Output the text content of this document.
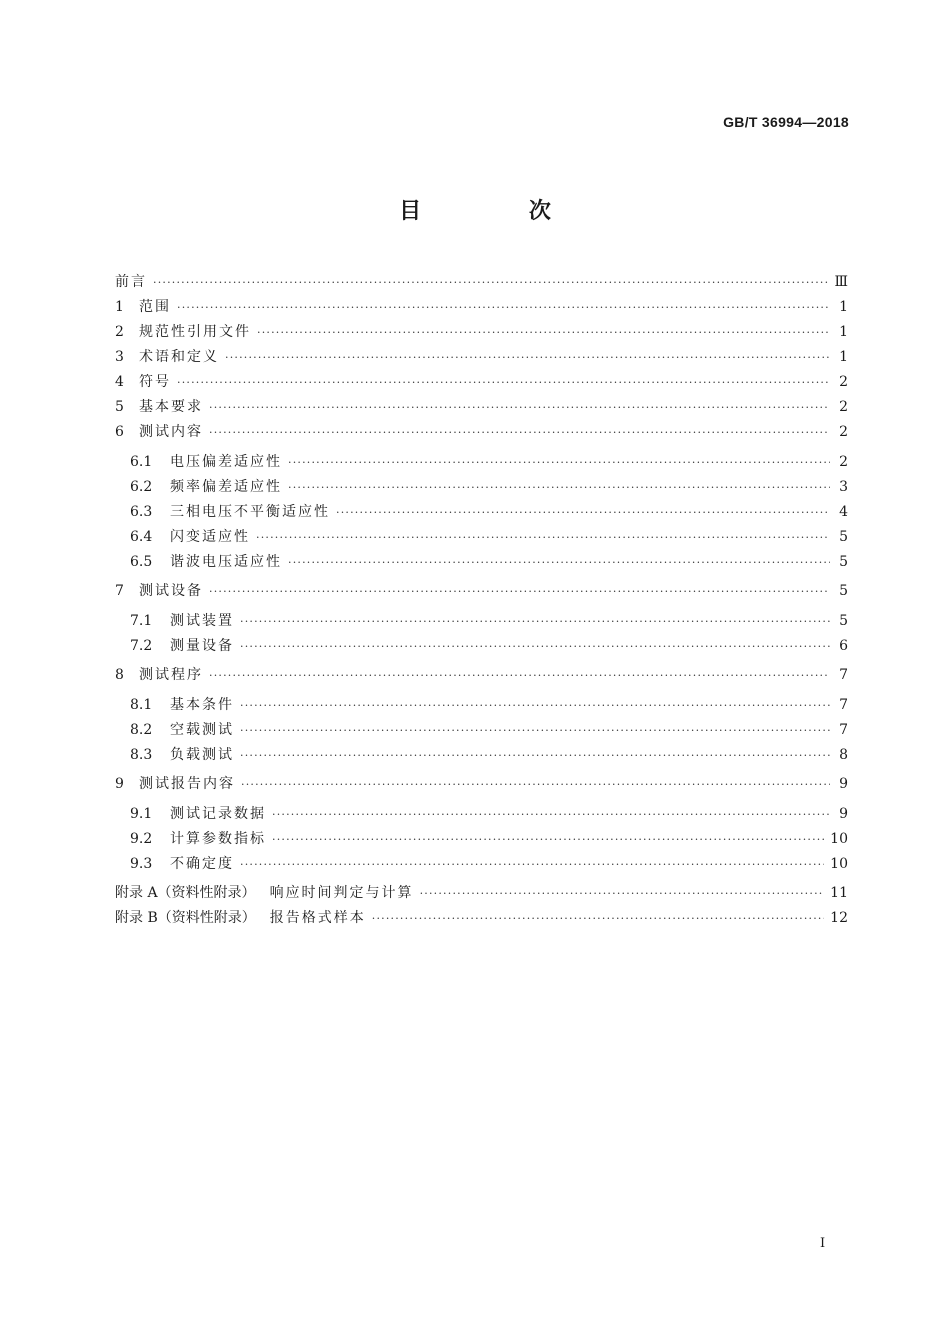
GB/T 36994—2018
目 次
前言 ·····	Ⅲ
1	范围 ·····	1
2	规范性引用文件 ·····	1
3	术语和定义 ·····	1
4	符号 ·····	2
5	基本要求 ·····	2
6	测试内容 ·····	2
6.1	电压偏差适应性 ·····	2
6.2	频率偏差适应性 ·····	3
6.3	三相电压不平衡适应性 ·····	4
6.4	闪变适应性 ·····	5
6.5	谐波电压适应性 ·····	5
7	测试设备 ·····	5
7.1	测试装置 ·····	5
7.2	测量设备 ·····	6
8	测试程序 ·····	7
8.1	基本条件 ·····	7
8.2	空载测试 ·····	7
8.3	负载测试 ·····	8
9	测试报告内容 ·····	9
9.1	测试记录数据 ·····	9
9.2	计算参数指标 ·····	10
9.3	不确定度 ·····	10
附录 A（资料性附录） 响应时间判定与计算 ·····	11
附录 B（资料性附录） 报告格式样本 ·····	12
I
